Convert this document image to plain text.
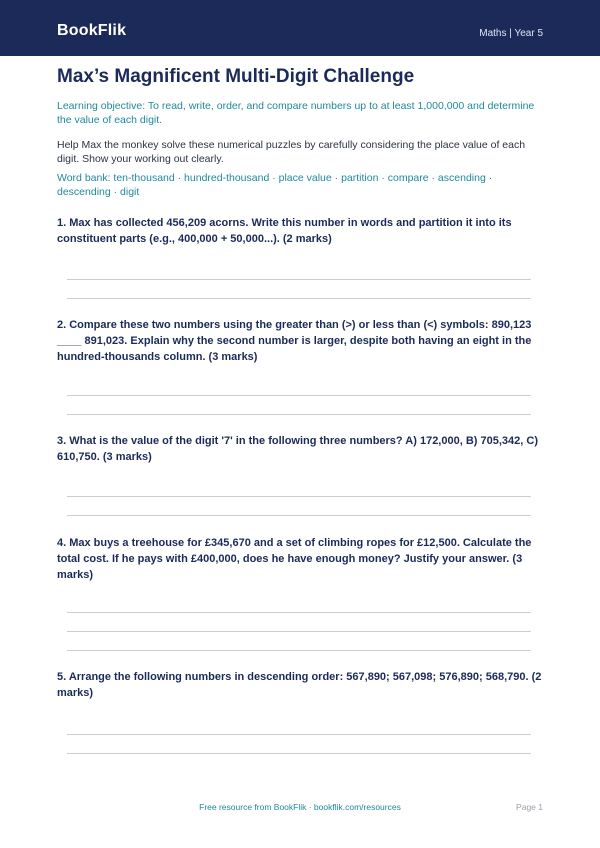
BookFlik	Maths | Year 5
Max’s Magnificent Multi-Digit Challenge
Learning objective: To read, write, order, and compare numbers up to at least 1,000,000 and determine the value of each digit.
Help Max the monkey solve these numerical puzzles by carefully considering the place value of each digit. Show your working out clearly.
Word bank: ten-thousand · hundred-thousand · place value · partition · compare · ascending · descending · digit
1. Max has collected 456,209 acorns. Write this number in words and partition it into its constituent parts (e.g., 400,000 + 50,000...). (2 marks)
2. Compare these two numbers using the greater than (>) or less than (<) symbols: 890,123 ____ 891,023. Explain why the second number is larger, despite both having an eight in the hundred-thousands column. (3 marks)
3. What is the value of the digit '7' in the following three numbers? A) 172,000, B) 705,342, C) 610,750. (3 marks)
4. Max buys a treehouse for £345,670 and a set of climbing ropes for £12,500. Calculate the total cost. If he pays with £400,000, does he have enough money? Justify your answer. (3 marks)
5. Arrange the following numbers in descending order: 567,890; 567,098; 576,890; 568,790. (2 marks)
Free resource from BookFlik · bookflik.com/resources	Page 1
